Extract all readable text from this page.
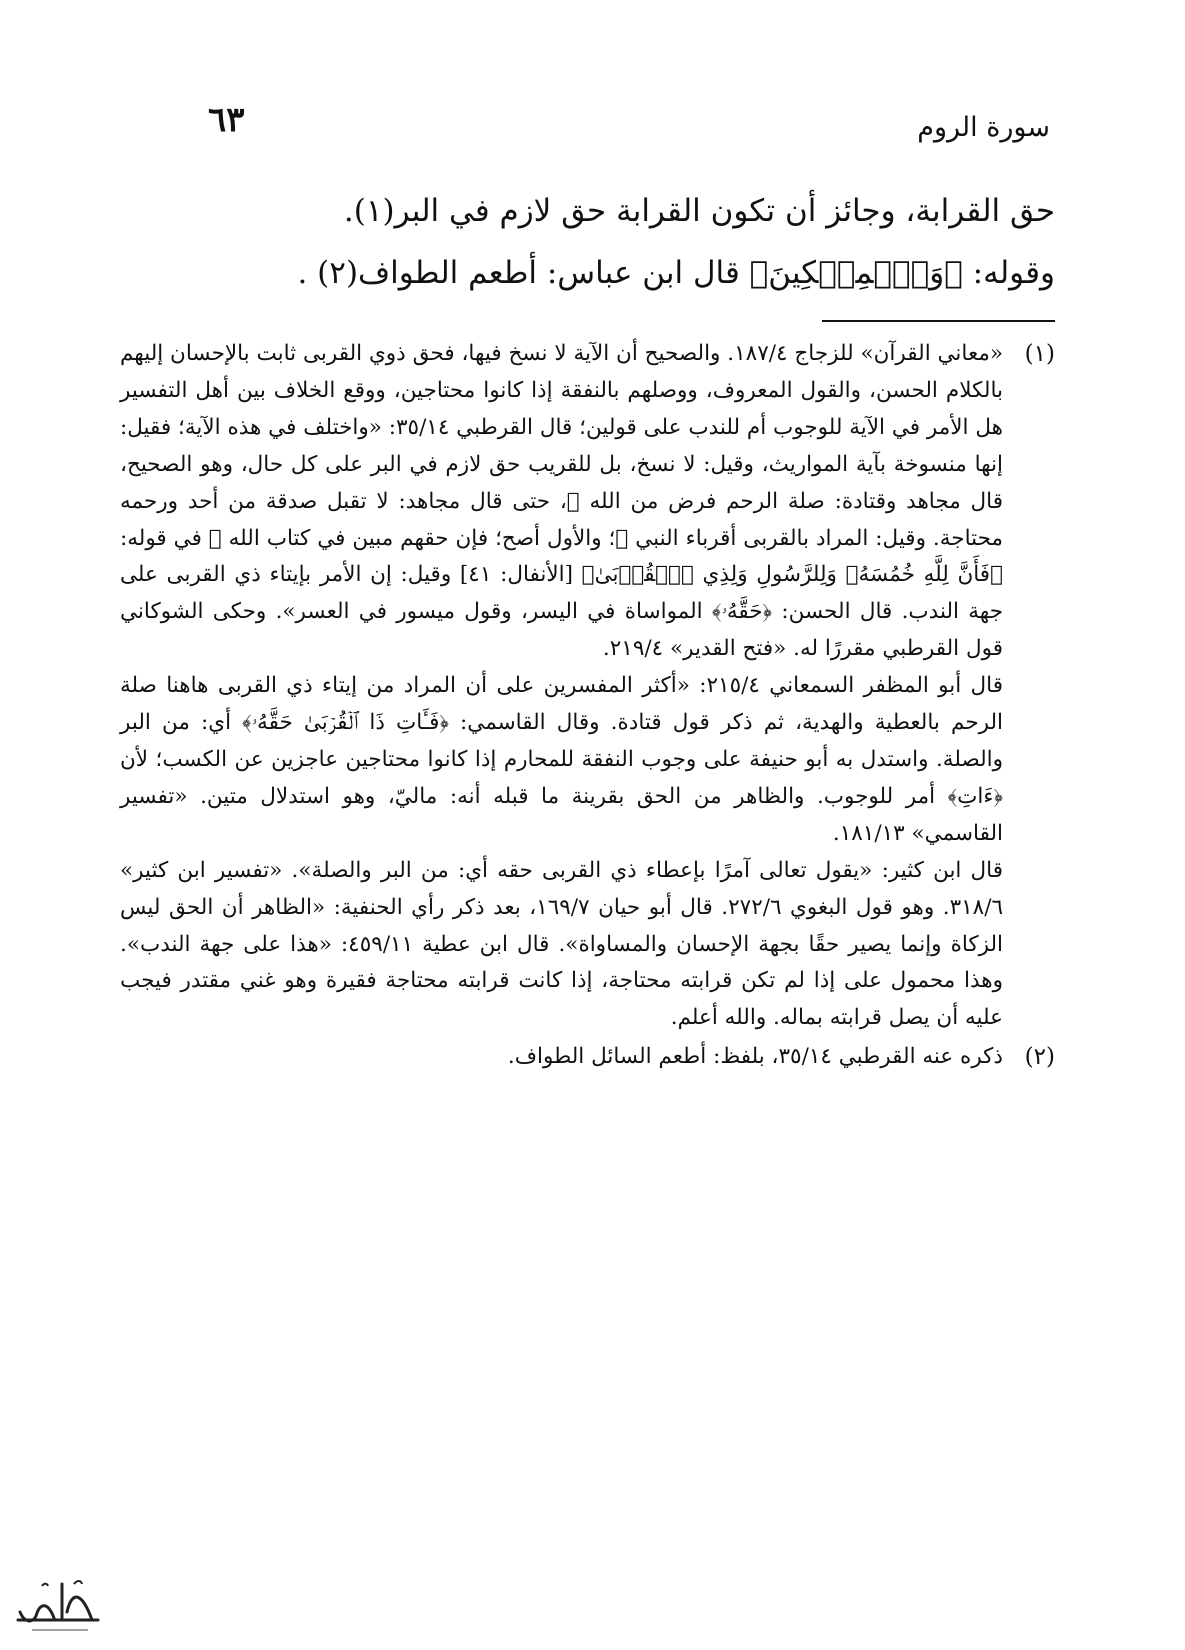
٦٣	سورة الروم

حق القرابة، وجائز أن تكون القرابة حق لازم في البر(١).

وقوله: ﴿وَٱلۡمِسۡكِينَ﴾ قال ابن عباس: أطعم الطواف(٢) .

(١)

«معاني القرآن» للزجاج ١٨٧/٤. والصحيح أن الآية لا نسخ فيها، فحق ذوي القربى ثابت بالإحسان إليهم بالكلام الحسن، والقول المعروف، ووصلهم بالنفقة إذا كانوا محتاجين، ووقع الخلاف بين أهل التفسير هل الأمر في الآية للوجوب أم للندب على قولين؛ قال القرطبي ٣٥/١٤: «واختلف في هذه الآية؛ فقيل: إنها منسوخة بآية المواريث، وقيل: لا نسخ، بل للقريب حق لازم في البر على كل حال، وهو الصحيح، قال مجاهد وقتادة: صلة الرحم فرض من الله ﷻ، حتى قال مجاهد: لا تقبل صدقة من أحد ورحمه محتاجة. وقيل: المراد بالقربى أقرباء النبي ﷺ؛ والأول أصح؛ فإن حقهم مبين في كتاب الله ﷻ في قوله: ﴿فَأَنَّ لِلَّهِ خُمُسَهُۥ وَلِلرَّسُولِ وَلِذِي ٱلۡقُرۡبَىٰ﴾ [الأنفال: ٤١] وقيل: إن الأمر بإيتاء ذي القربى على جهة الندب. قال الحسن: ﴿حَقَّهُۥ﴾ المواساة في اليسر، وقول ميسور في العسر». وحكى الشوكاني قول القرطبي مقررًا له. «فتح القدير» ٢١٩/٤.

قال أبو المظفر السمعاني ٢١٥/٤: «أكثر المفسرين على أن المراد من إيتاء ذي القربى هاهنا صلة الرحم بالعطية والهدية، ثم ذكر قول قتادة. وقال القاسمي: ﴿فَـَٔاتِ ذَا ٱلۡقُرۡبَىٰ حَقَّهُۥ﴾ أي: من البر والصلة. واستدل به أبو حنيفة على وجوب النفقة للمحارم إذا كانوا محتاجين عاجزين عن الكسب؛ لأن ﴿ءَاتِ﴾ أمر للوجوب. والظاهر من الحق بقرينة ما قبله أنه: ماليّ، وهو استدلال متين. «تفسير القاسمي» ١٨١/١٣.

قال ابن كثير: «يقول تعالى آمرًا بإعطاء ذي القربى حقه أي: من البر والصلة». «تفسير ابن كثير» ٣١٨/٦. وهو قول البغوي ٢٧٢/٦. قال أبو حيان ١٦٩/٧، بعد ذكر رأي الحنفية: «الظاهر أن الحق ليس الزكاة وإنما يصير حقًا بجهة الإحسان والمساواة». قال ابن عطية ٤٥٩/١١: «هذا على جهة الندب». وهذا محمول على إذا لم تكن قرابته محتاجة، إذا كانت قرابته محتاجة فقيرة وهو غني مقتدر فيجب عليه أن يصل قرابته بماله. والله أعلم.

(٢)

ذكره عنه القرطبي ٣٥/١٤، بلفظ: أطعم السائل الطواف.
